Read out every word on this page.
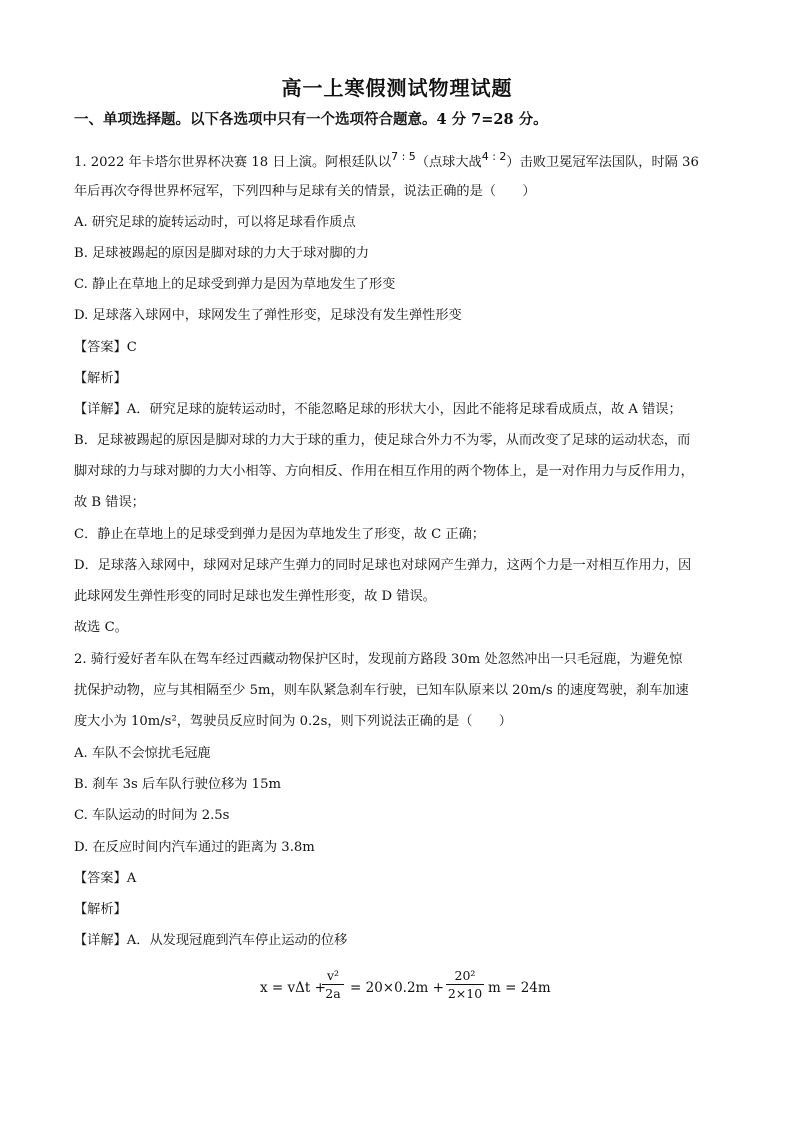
高一上寒假测试物理试题
一、单项选择题。以下各选项中只有一个选项符合题意。4 分 7=28 分。
1. 2022 年卡塔尔世界杯决赛 18 日上演。阿根廷队以$^{7 : 5}$（点球大战$^{4 : 2}$）击败卫冕冠军法国队，时隔 36
年后再次夺得世界杯冠军，下列四种与足球有关的情景，说法正确的是（　　）
A. 研究足球的旋转运动时，可以将足球看作质点
B. 足球被踢起的原因是脚对球的力大于球对脚的力
C. 静止在草地上的足球受到弹力是因为草地发生了形变
D. 足球落入球网中，球网发生了弹性形变，足球没有发生弹性形变
【答案】C
【解析】
【详解】A．研究足球的旋转运动时，不能忽略足球的形状大小，因此不能将足球看成质点，故 A 错误；
B．足球被踢起的原因是脚对球的力大于球的重力，使足球合外力不为零，从而改变了足球的运动状态，而
脚对球的力与球对脚的力大小相等、方向相反、作用在相互作用的两个物体上，是一对作用力与反作用力，
故 B 错误；
C．静止在草地上的足球受到弹力是因为草地发生了形变，故 C 正确；
D．足球落入球网中，球网对足球产生弹力的同时足球也对球网产生弹力，这两个力是一对相互作用力，因
此球网发生弹性形变的同时足球也发生弹性形变，故 D 错误。
故选 C。
2. 骑行爱好者车队在驾车经过西藏动物保护区时，发现前方路段 30m 处忽然冲出一只毛冠鹿，为避免惊
扰保护动物，应与其相隔至少 5m，则车队紧急刹车行驶，已知车队原来以 20m/s 的速度驾驶，刹车加速
度大小为 10m/s²，驾驶员反应时间为 0.2s，则下列说法正确的是（　　）
A. 车队不会惊扰毛冠鹿
B. 刹车 3s 后车队行驶位移为 15m
C. 车队运动的时间为 2.5s
D. 在反应时间内汽车通过的距离为 3.8m
【答案】A
【解析】
【详解】A．从发现冠鹿到汽车停止运动的位移
x = vΔt +
v²
2a = 20×0.2m +
20²
2×10 m = 24m
